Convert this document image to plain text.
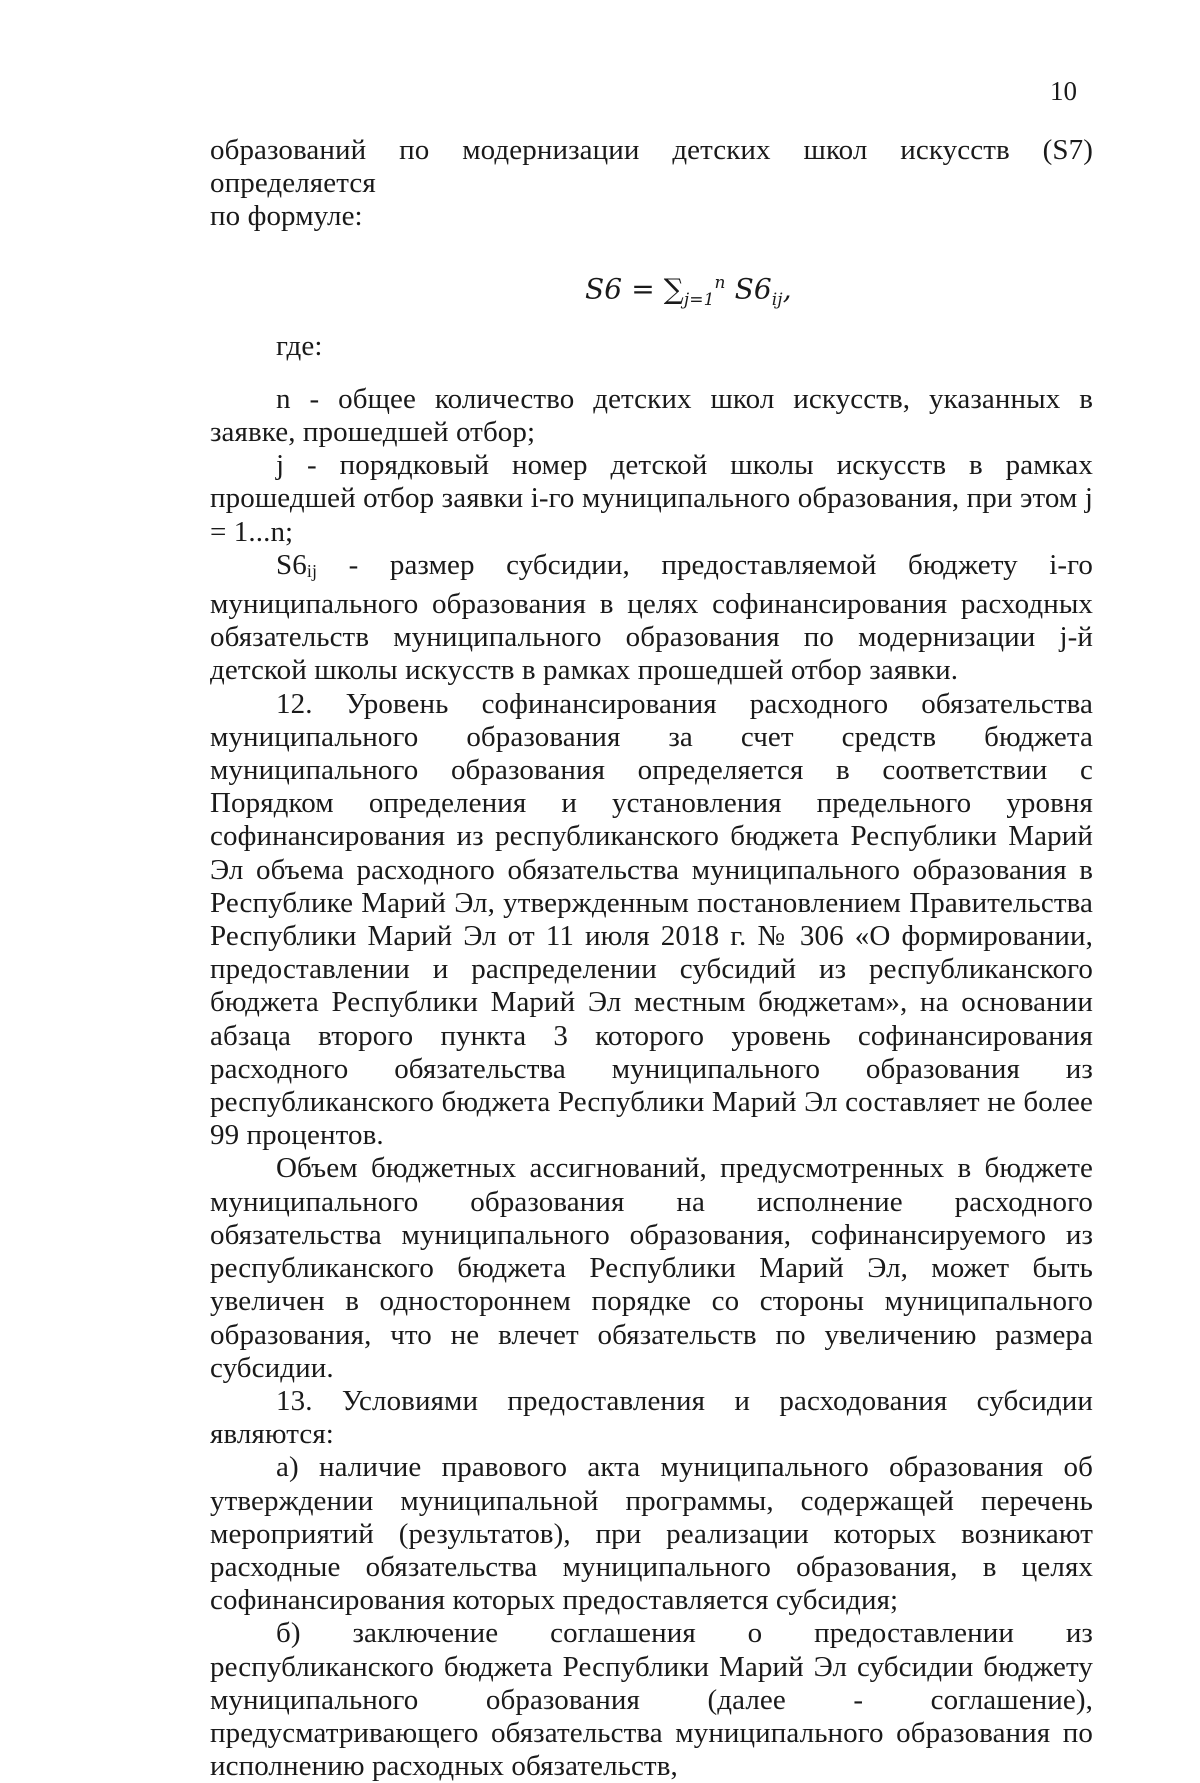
10

образований по модернизации детских школ искусств (S7) определяется
по формуле:

$S6 = \sum_{j=1}^n$ $S6_{ij}$,

где:

n - общее количество детских школ искусств, указанных в заявке, прошедшей отбор;

j - порядковый номер детской школы искусств в рамках прошедшей отбор заявки i-го муниципального образования, при этом j = 1...n;

S6ij - размер субсидии, предоставляемой бюджету i-го муниципального образования в целях софинансирования расходных обязательств муниципального образования по модернизации j-й детской школы искусств в рамках прошедшей отбор заявки.

12. Уровень софинансирования расходного обязательства муниципального образования за счет средств бюджета муниципального образования определяется в соответствии с Порядком определения и установления предельного уровня софинансирования из республиканского бюджета Республики Марий Эл объема расходного обязательства муниципального образования в Республике Марий Эл, утвержденным постановлением Правительства Республики Марий Эл от 11 июля 2018 г. № 306 «О формировании, предоставлении и распределении субсидий из республиканского бюджета Республики Марий Эл местным бюджетам», на основании абзаца второго пункта 3 которого уровень софинансирования расходного обязательства муниципального образования из республиканского бюджета Республики Марий Эл составляет не более 99 процентов.

Объем бюджетных ассигнований, предусмотренных в бюджете муниципального образования на исполнение расходного обязательства муниципального образования, софинансируемого из республиканского бюджета Республики Марий Эл, может быть увеличен в одностороннем порядке со стороны муниципального образования, что не влечет обязательств по увеличению размера субсидии.

13. Условиями предоставления и расходования субсидии являются:

а) наличие правового акта муниципального образования об утверждении муниципальной программы, содержащей перечень мероприятий (результатов), при реализации которых возникают расходные обязательства муниципального образования, в целях софинансирования которых предоставляется субсидия;

б) заключение соглашения о предоставлении из республиканского бюджета Республики Марий Эл субсидии бюджету муниципального образования (далее - соглашение), предусматривающего обязательства муниципального образования по исполнению расходных обязательств,
